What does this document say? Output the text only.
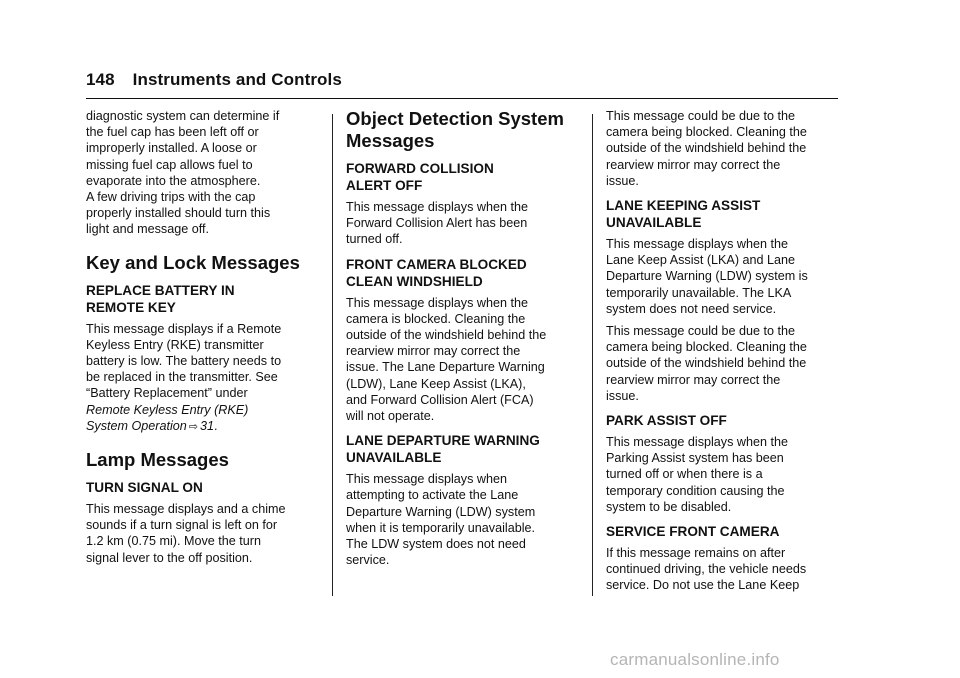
148 Instruments and Controls

diagnostic system can determine if
the fuel cap has been left off or
improperly installed. A loose or
missing fuel cap allows fuel to
evaporate into the atmosphere.
A few driving trips with the cap
properly installed should turn this
light and message off.

Key and Lock Messages
REPLACE BATTERY IN
REMOTE KEY

This message displays if a Remote
Keyless Entry (RKE) transmitter
battery is low. The battery needs to
be replaced in the transmitter. See
“Battery Replacement” under
Remote Keyless Entry (RKE)
System Operation ⇨ 31.

Lamp Messages
TURN SIGNAL ON

This message displays and a chime
sounds if a turn signal is left on for
1.2 km (0.75 mi). Move the turn
signal lever to the off position.

Object Detection System
Messages
FORWARD COLLISION
ALERT OFF

This message displays when the
Forward Collision Alert has been
turned off.

FRONT CAMERA BLOCKED
CLEAN WINDSHIELD

This message displays when the
camera is blocked. Cleaning the
outside of the windshield behind the
rearview mirror may correct the
issue. The Lane Departure Warning
(LDW), Lane Keep Assist (LKA),
and Forward Collision Alert (FCA)
will not operate.

LANE DEPARTURE WARNING
UNAVAILABLE

This message displays when
attempting to activate the Lane
Departure Warning (LDW) system
when it is temporarily unavailable.
The LDW system does not need
service.

This message could be due to the
camera being blocked. Cleaning the
outside of the windshield behind the
rearview mirror may correct the
issue.

LANE KEEPING ASSIST
UNAVAILABLE

This message displays when the
Lane Keep Assist (LKA) and Lane
Departure Warning (LDW) system is
temporarily unavailable. The LKA
system does not need service.

This message could be due to the
camera being blocked. Cleaning the
outside of the windshield behind the
rearview mirror may correct the
issue.

PARK ASSIST OFF

This message displays when the
Parking Assist system has been
turned off or when there is a
temporary condition causing the
system to be disabled.

SERVICE FRONT CAMERA

If this message remains on after
continued driving, the vehicle needs
service. Do not use the Lane Keep

carmanualsonline.info
